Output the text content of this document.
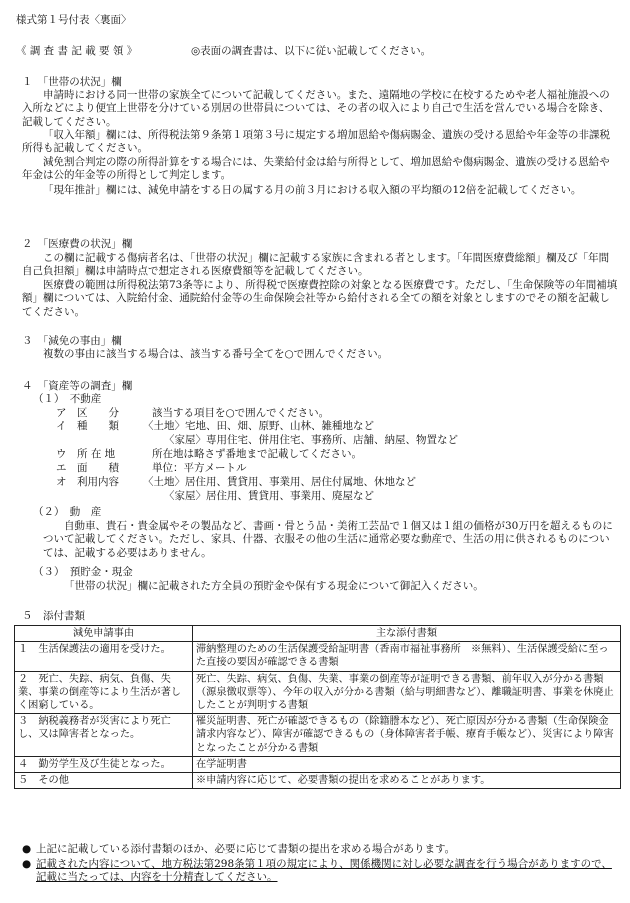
様式第１号付表〈裏面〉
《 調 査 書 記 載 要 領 》	◎表面の調査書は、以下に従い記載してください。
１　「世帯の状況」欄
申請時における同一世帯の家族全てについて記載してください。また、遠隔地の学校に在校するためや老人福祉施設への入所などにより便宜上世帯を分けている別居の世帯員については、その者の収入により自己で生活を営んでいる場合を除き、記載してください。
「収入年額」欄には、所得税法第９条第１項第３号に規定する増加恩給や傷病賜金、遺族の受ける恩給や年金等の非課税所得も記載してください。
減免割合判定の際の所得計算をする場合には、失業給付金は給与所得として、増加恩給や傷病賜金、遺族の受ける恩給や年金は公的年金等の所得として判定します。
「現年推計」欄には、減免申請をする日の属する月の前３月における収入額の平均額の12倍を記載してください。
２　「医療費の状況」欄
この欄に記載する傷病者名は、「世帯の状況」欄に記載する家族に含まれる者とします。「年間医療費総額」欄及び「年間自己負担額」欄は申請時点で想定される医療費額等を記載してください。
医療費の範囲は所得税法第73条等により、所得税で医療費控除の対象となる医療費です。ただし、「生命保険等の年間補填額」欄については、入院給付金、通院給付金等の生命保険会社等から給付される全ての額を対象としますのでその額を記載してください。
３　「減免の事由」欄
複数の事由に該当する場合は、該当する番号全てを○で囲んでください。
４　「資産等の調査」欄
（１）　不動産
ア　区　　分	該当する項目を○で囲んでください。
イ　種　　類 〈土地〉宅地、田、畑、原野、山林、雑種地など
〈家屋〉専用住宅、併用住宅、事務所、店舗、納屋、物置など
ウ　所 在 地	所在地は略さず番地まで記載してください。
エ　面　　積	単位：平方メートル
オ　利用内容 〈土地〉居住用、賃貸用、事業用、居住付属地、休地など
〈家屋〉居住用、賃貸用、事業用、廃屋など
（２）　動　産
自動車、貴石・貴金属やその製品など、書画・骨とう品・美術工芸品で１個又は１組の価格が30万円を超えるものについて記載してください。ただし、家具、什器、衣服その他の生活に通常必要な動産で、生活の用に供されるものについては、記載する必要はありません。
（３）　預貯金・現金
「世帯の状況」欄に記載された方全員の預貯金や保有する現金について御記入ください。
５　添付書類
減免申請事由	主な添付書類
１　生活保護法の適用を受けた。	滞納整理のための生活保護受給証明書（香南市福祉事務所　※無料）、生活保護受給に至った直接の要因が確認できる書類
２　死亡、失踪、病気、負傷、失業、事業の倒産等により生活が著しく困窮している。	死亡、失踪、病気、負傷、失業、事業の倒産等が証明できる書類、前年収入が分かる書類（源泉徴収票等）、今年の収入が分かる書類（給与明細書など）、離職証明書、事業を休廃止したことが判明する書類
３　納税義務者が災害により死亡し、又は障害者となった。	罹災証明書、死亡が確認できるもの（除籍謄本など）、死亡原因が分かる書類（生命保険金請求内容など）、障害が確認できるもの（身体障害者手帳、療育手帳など）、災害により障害となったことが分かる書類
４　勤労学生及び生徒となった。	在学証明書
５　その他	※申請内容に応じて、必要書類の提出を求めることがあります。
● 上記に記載している添付書類のほか、必要に応じて書類の提出を求める場合があります。
● 記載された内容について、地方税法第298条第１項の規定により、関係機関に対し必要な調査を行う場合がありますので、記載に当たっては、内容を十分精査してください。
